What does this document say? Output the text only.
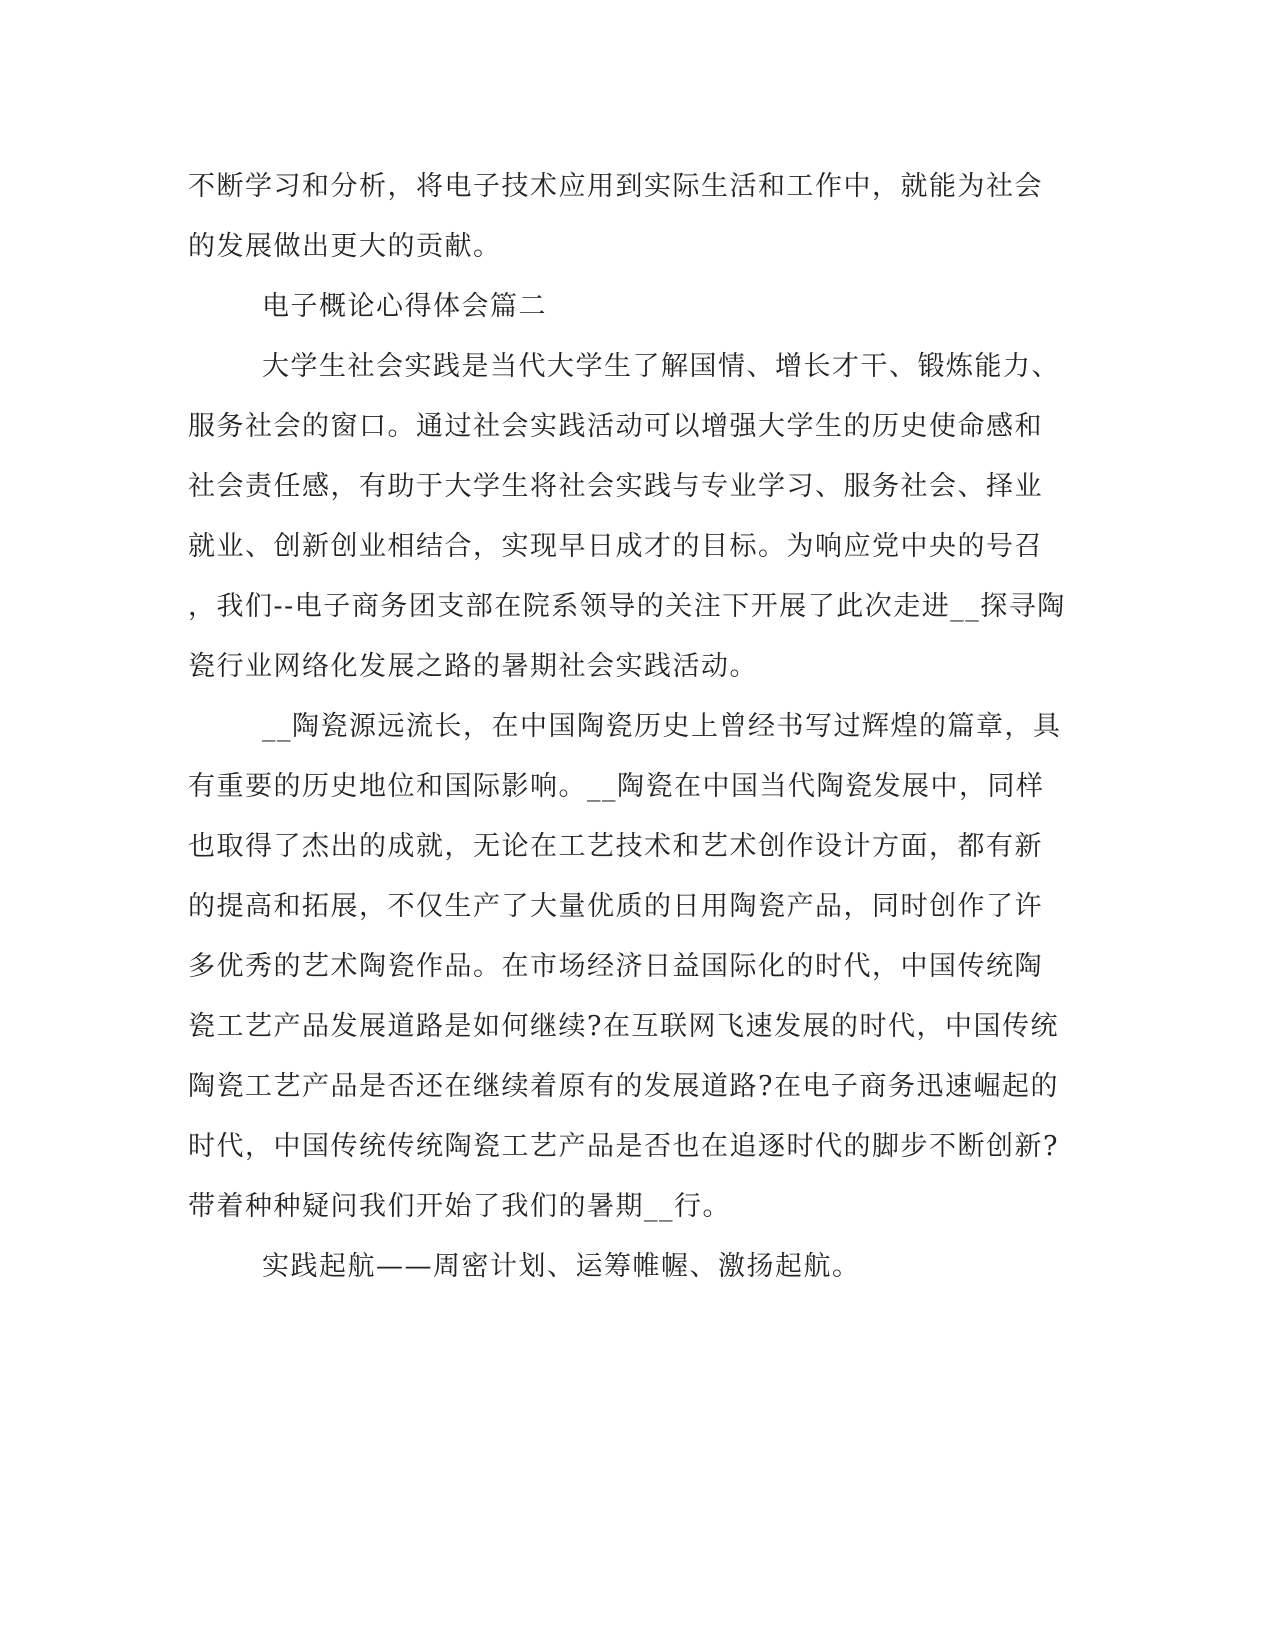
不断学习和分析，将电子技术应用到实际生活和工作中，就能为社会
的发展做出更大的贡献。
电子概论心得体会篇二
大学生社会实践是当代大学生了解国情、增长才干、锻炼能力、
服务社会的窗口。通过社会实践活动可以增强大学生的历史使命感和
社会责任感，有助于大学生将社会实践与专业学习、服务社会、择业
就业、创新创业相结合，实现早日成才的目标。为响应党中央的号召
，我们--电子商务团支部在院系领导的关注下开展了此次走进__探寻陶
瓷行业网络化发展之路的暑期社会实践活动。
__陶瓷源远流长，在中国陶瓷历史上曾经书写过辉煌的篇章，具
有重要的历史地位和国际影响。__陶瓷在中国当代陶瓷发展中，同样
也取得了杰出的成就，无论在工艺技术和艺术创作设计方面，都有新
的提高和拓展，不仅生产了大量优质的日用陶瓷产品，同时创作了许
多优秀的艺术陶瓷作品。在市场经济日益国际化的时代，中国传统陶
瓷工艺产品发展道路是如何继续?在互联网飞速发展的时代，中国传统
陶瓷工艺产品是否还在继续着原有的发展道路?在电子商务迅速崛起的
时代，中国传统传统陶瓷工艺产品是否也在追逐时代的脚步不断创新?
带着种种疑问我们开始了我们的暑期__行。
实践起航——周密计划、运筹帷幄、激扬起航。
